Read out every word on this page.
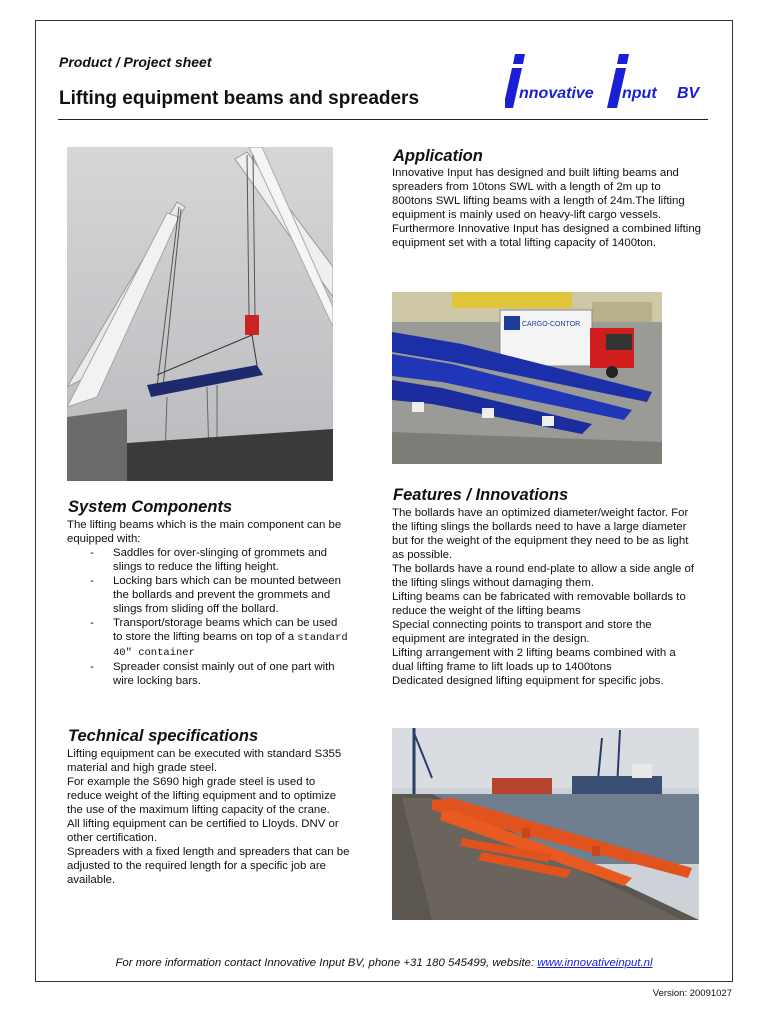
Product / Project sheet
Lifting equipment beams and spreaders	nnovative nput BV
Application

Innovative Input has designed and built lifting beams and spreaders from 10tons SWL with a length of 2m up to 800tons SWL lifting beams with a length of 24m.The lifting equipment is mainly used on heavy-lift cargo vessels.

Furthermore Innovative Input has designed a combined lifting equipment set with a total lifting capacity of 1400ton.

CARGO-CONTOR
System Components
The lifting beams which is the main component can be equipped with:
- Saddles for over-slinging of grommets and slings to reduce the lifting height.
- Locking bars which can be mounted between the bollards and prevent the grommets and slings from sliding off the bollard.
- Transport/storage beams which can be used to store the lifting beams on top of a standard 40" container
- Spreader consist mainly out of one part with wire locking bars.
Features / Innovations

The bollards have an optimized diameter/weight factor. For the lifting slings the bollards need to have a large diameter but for the weight of the equipment they need to be as light as possible.

The bollards have a round end-plate to allow a side angle of the lifting slings without damaging them.

Lifting beams can be fabricated with removable bollards to reduce the weight of the lifting beams

Special connecting points to transport and store the equipment are integrated in the design.

Lifting arrangement with 2 lifting beams combined with a dual lifting frame to lift loads up to 1400tons

Dedicated designed lifting equipment for specific jobs.

Technical specifications

Lifting equipment can be executed with standard S355 material and high grade steel.

For example the S690 high grade steel is used to reduce weight of the lifting equipment and to optimize the use of the maximum lifting capacity of the crane.

All lifting equipment can be certified to Lloyds. DNV or other certification.

Spreaders with a fixed length and spreaders that can be adjusted to the required length for a specific job are available.

For more information contact Innovative Input BV, phone +31 180 545499, website: www.innovativeinput.nl
Version: 20091027
